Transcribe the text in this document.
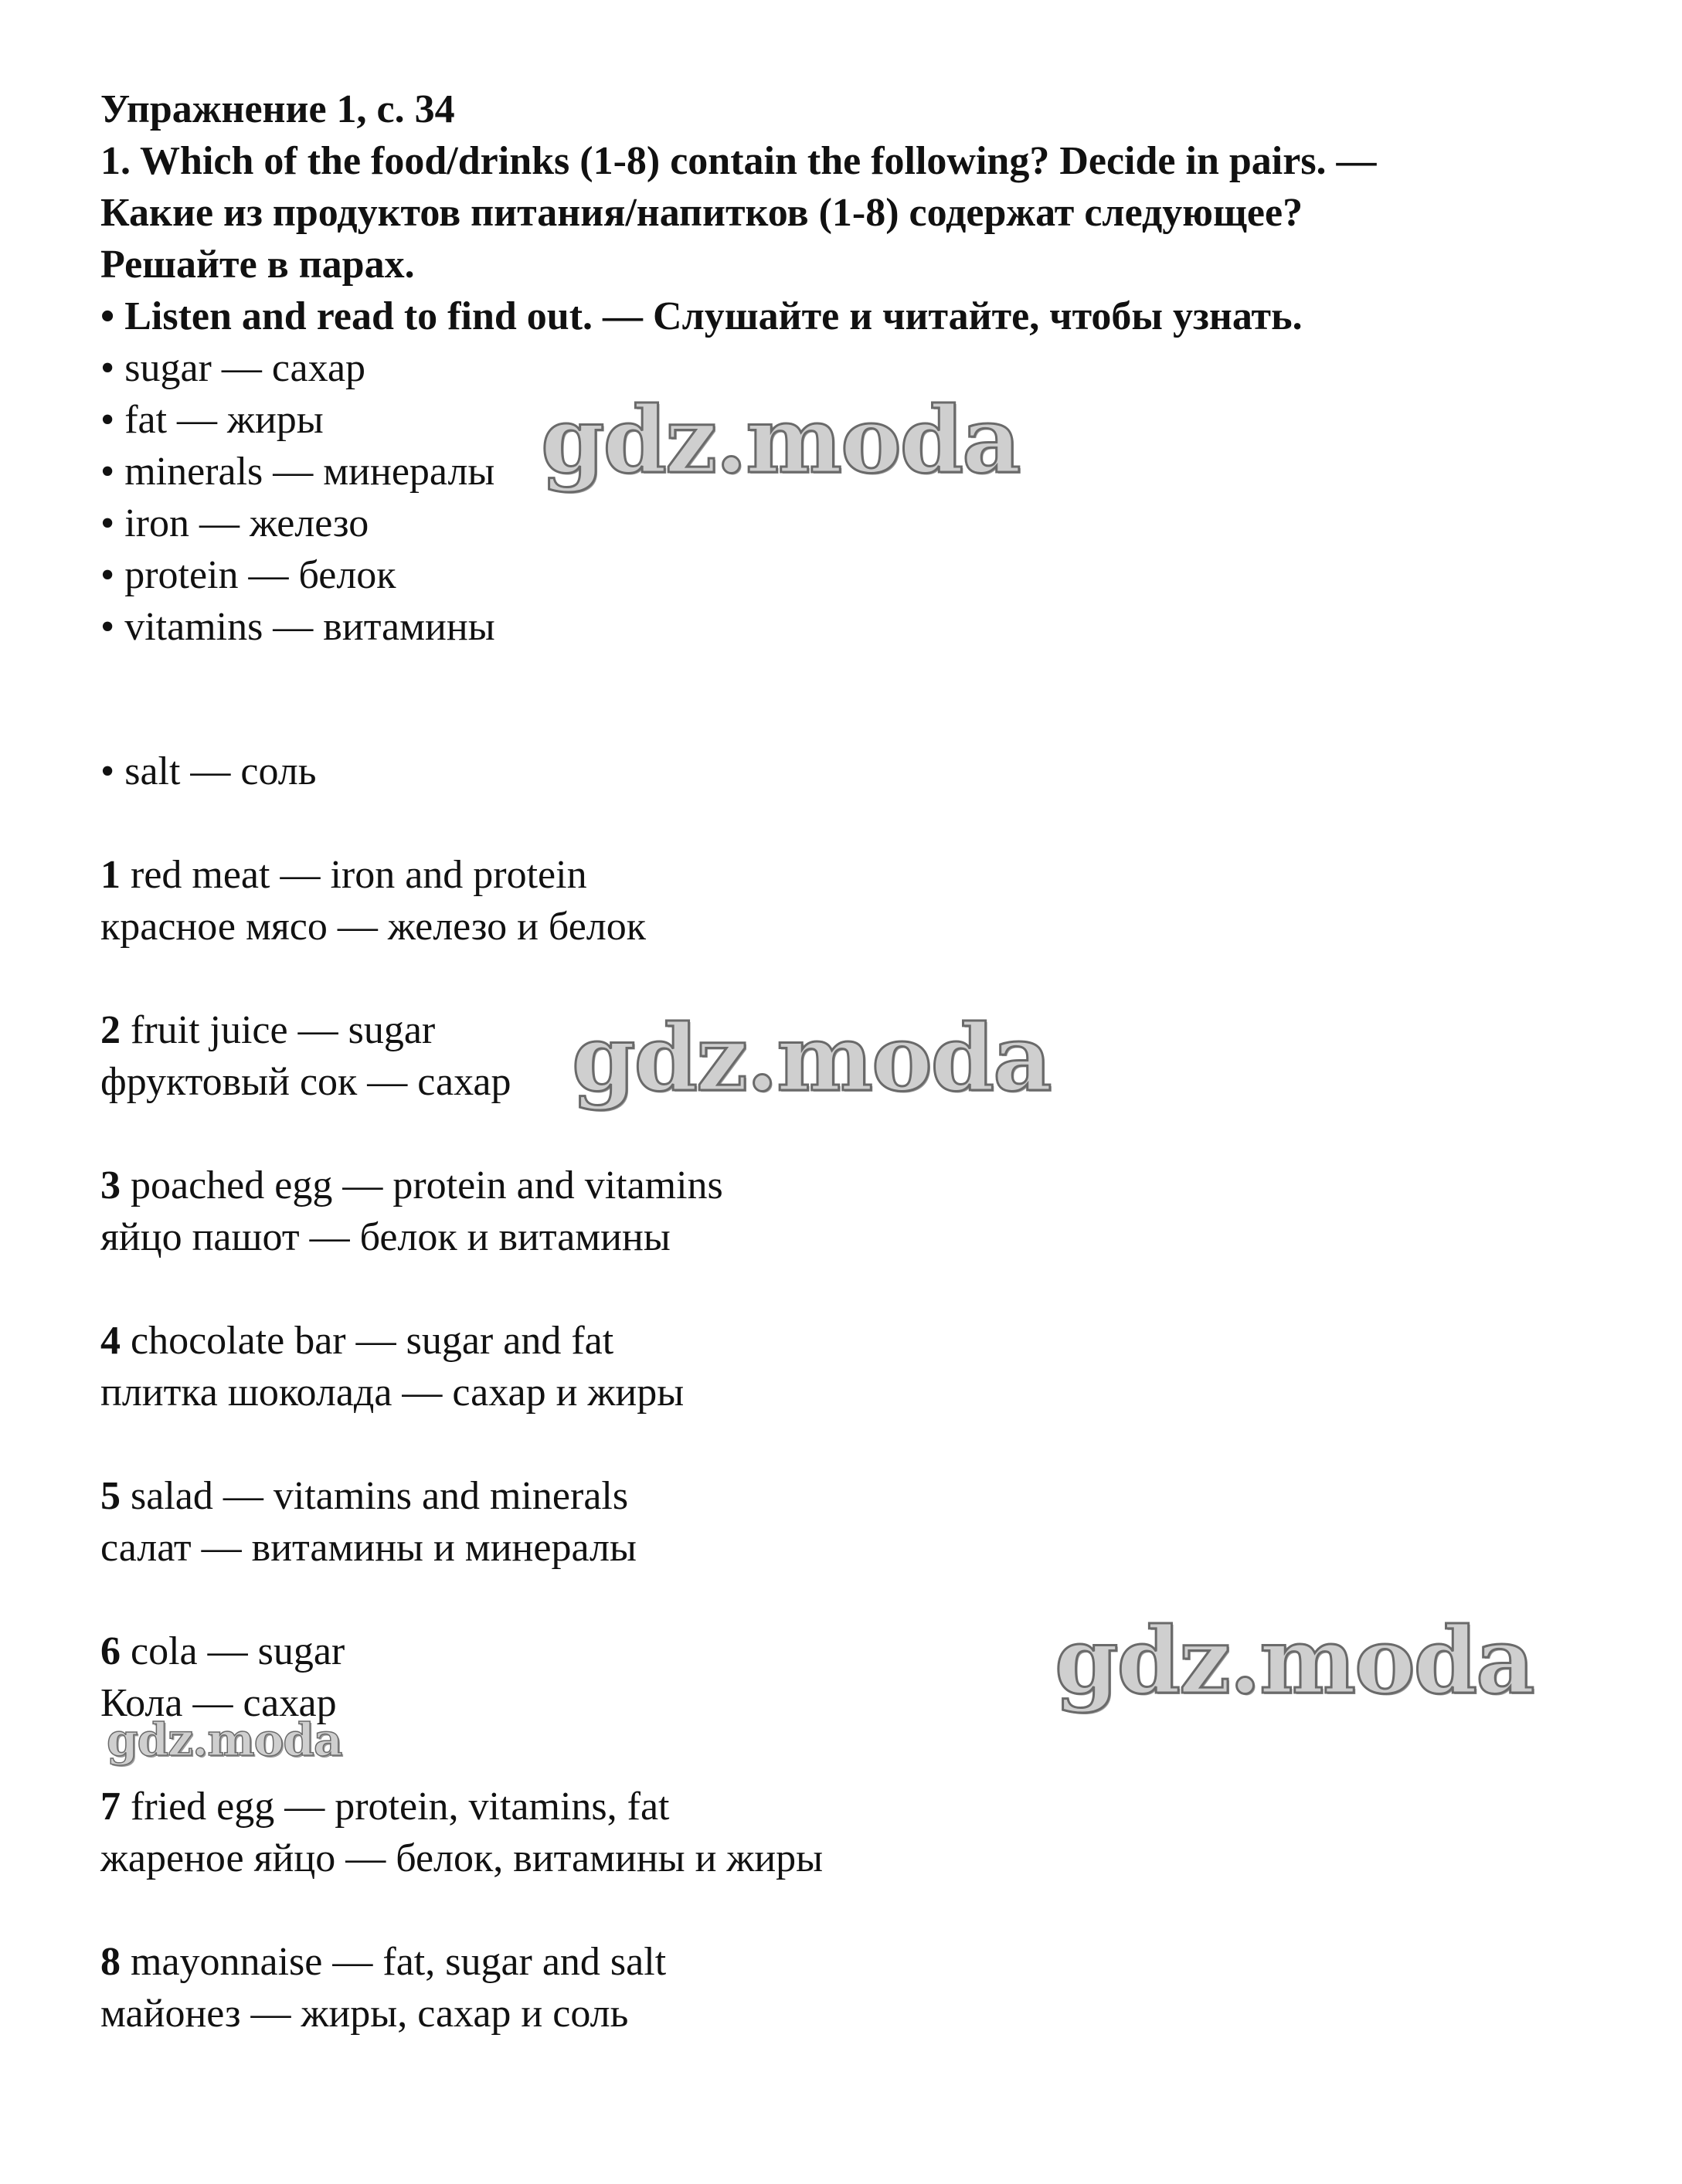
Упражнение 1, с. 34

1. Which of the food/drinks (1-8) contain the following? Decide in pairs. —

Какие из продуктов питания/напитков (1-8) содержат следующее?

Решайте в парах.

• Listen and read to find out. — Слушайте и читайте, чтобы узнать.

• sugar — сахар

• fat — жиры

• minerals — минералы

• iron — железо

• protein — белок

• vitamins — витамины

• salt — соль

1 red meat — iron and protein

красное мясо — железо и белок

2 fruit juice — sugar

фруктовый сок — сахар

3 poached egg — protein and vitamins

яйцо пашот — белок и витамины

4 chocolate bar — sugar and fat

плитка шоколада — сахар и жиры

5 salad — vitamins and minerals

салат — витамины и минералы

6 cola — sugar

Кола — сахар

7 fried egg — protein, vitamins, fat

жареное яйцо — белок, витамины и жиры

8 mayonnaise — fat, sugar and salt

майонез — жиры, сахар и соль

gdz.moda
gdz.moda
gdz.moda
gdz.moda
